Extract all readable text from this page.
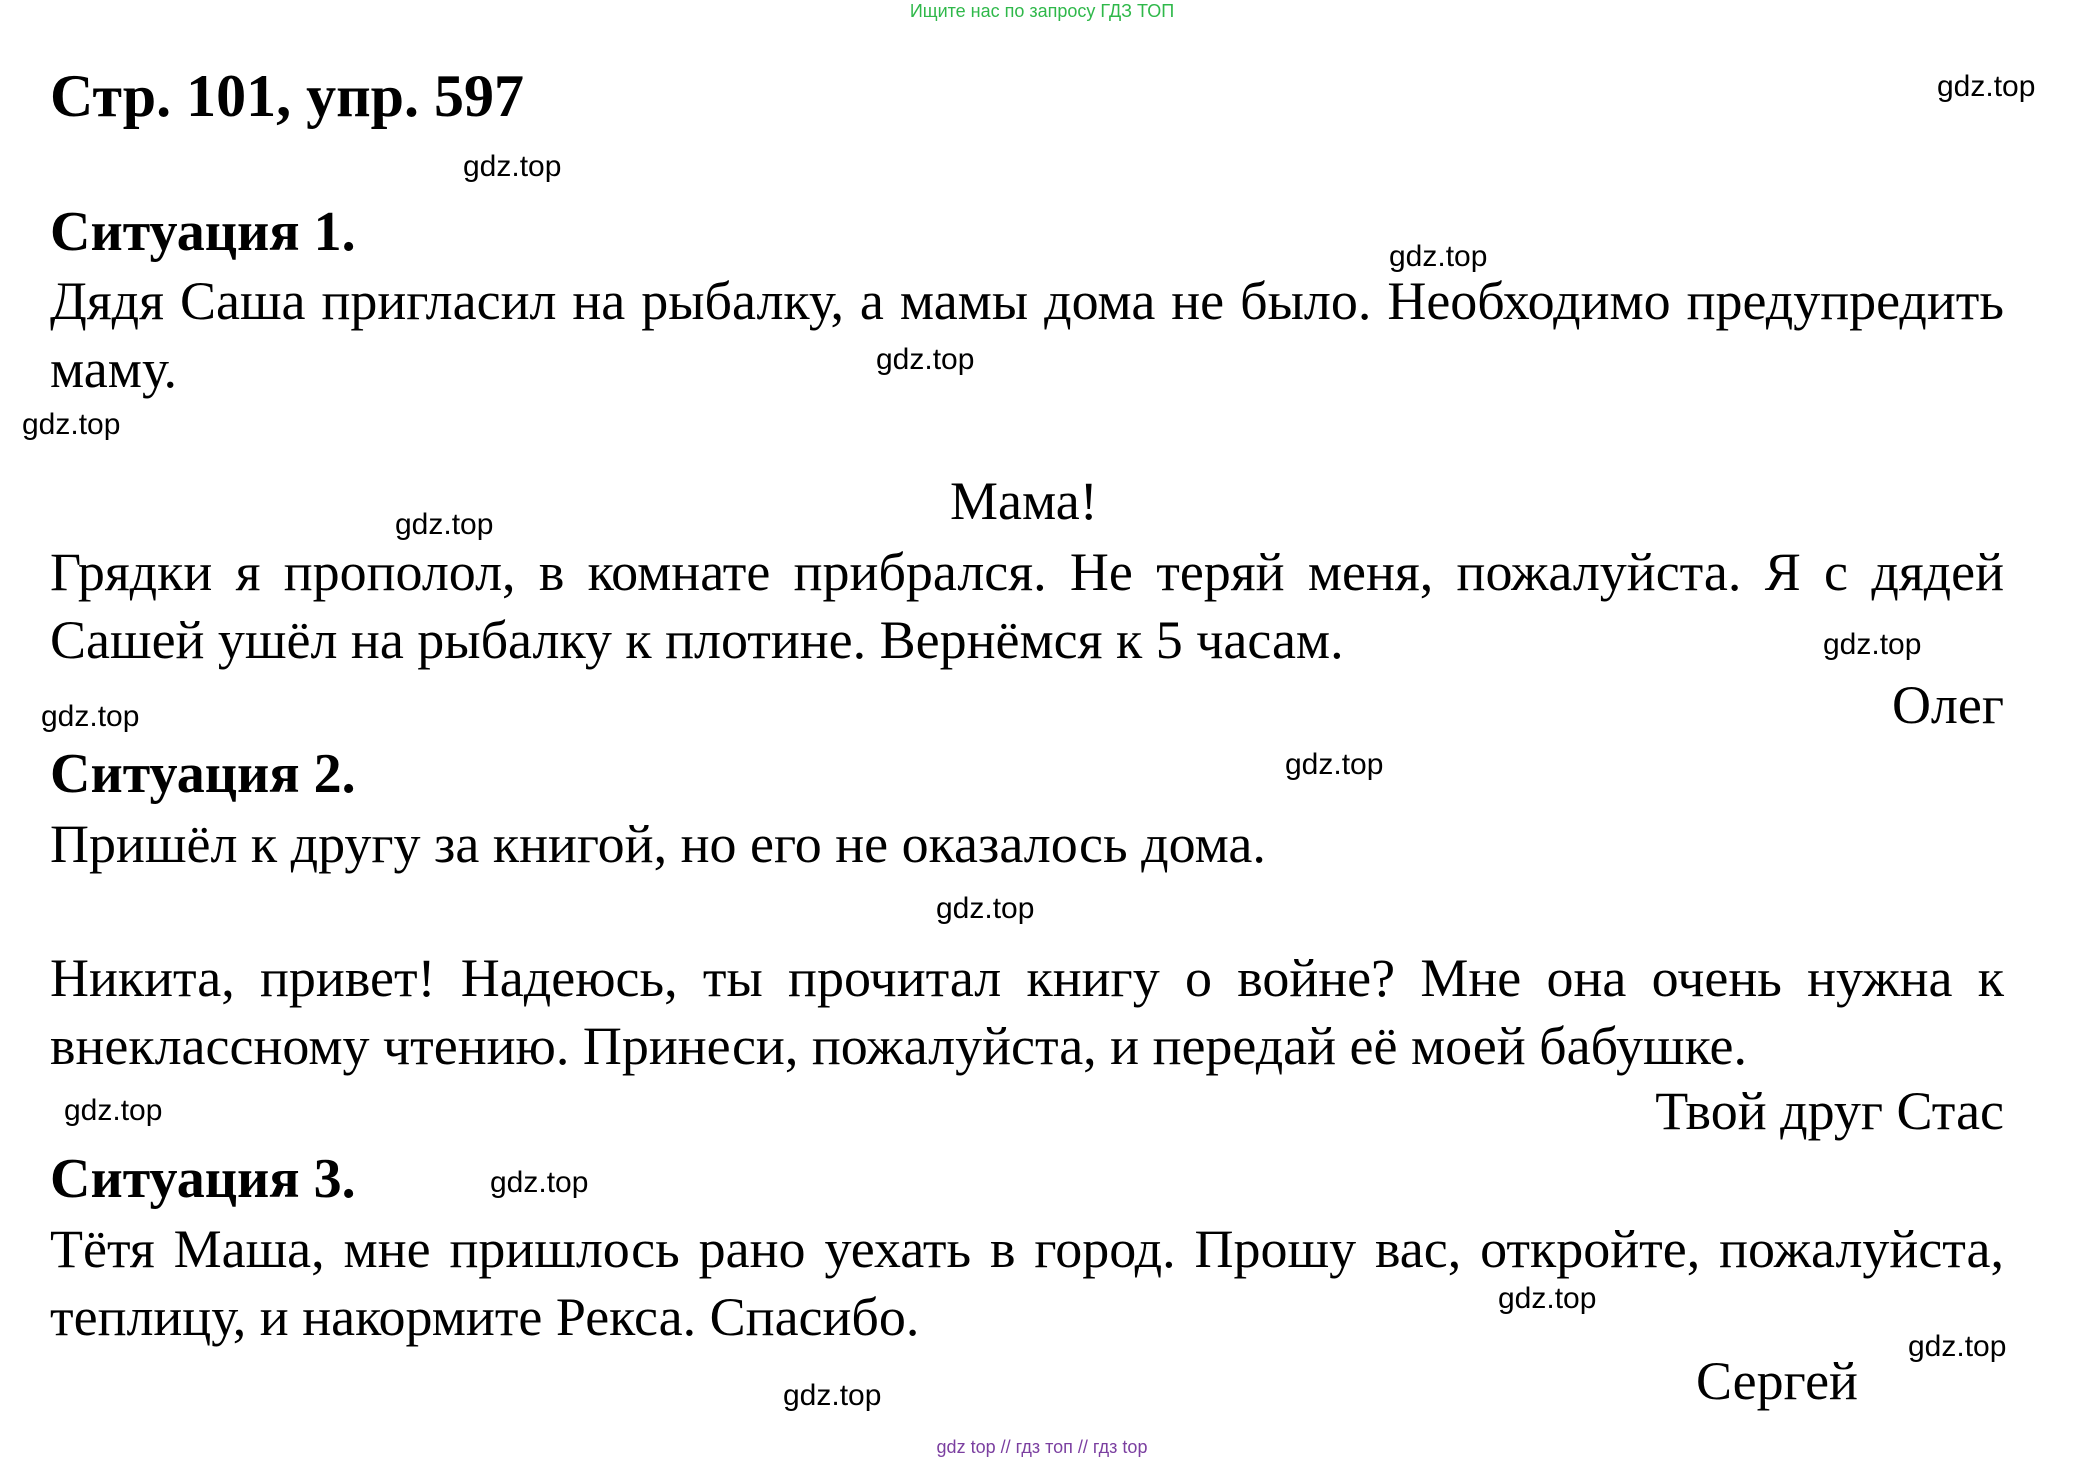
Ищите нас по запросу ГДЗ ТОП
Стр. 101, упр. 597
Ситуация 1.
Дядя Саша пригласил на рыбалку, а мамы дома не было. Необходимо предупредить маму.
Мама!
Грядки я прополол, в комнате прибрался. Не теряй меня, пожалуйста. Я с дядей Сашей ушёл на рыбалку к плотине. Вернёмся к 5 часам.
Олег
Ситуация 2.
Пришёл к другу за книгой, но его не оказалось дома.
Никита, привет! Надеюсь, ты прочитал книгу о войне? Мне она очень нужна к внеклассному чтению. Принеси, пожалуйста, и передай её моей бабушке.
Твой друг Стас
Ситуация 3.
Тётя Маша, мне пришлось рано уехать в город. Прошу вас, откройте, пожалуйста, теплицу, и накормите Рекса. Спасибо.
Сергей
gdz.top
gdz.top
gdz.top
gdz.top
gdz.top
gdz.top
gdz.top
gdz.top
gdz.top
gdz.top
gdz.top
gdz.top
gdz.top
gdz.top
gdz.top
gdz top // гдз топ // гдз top
